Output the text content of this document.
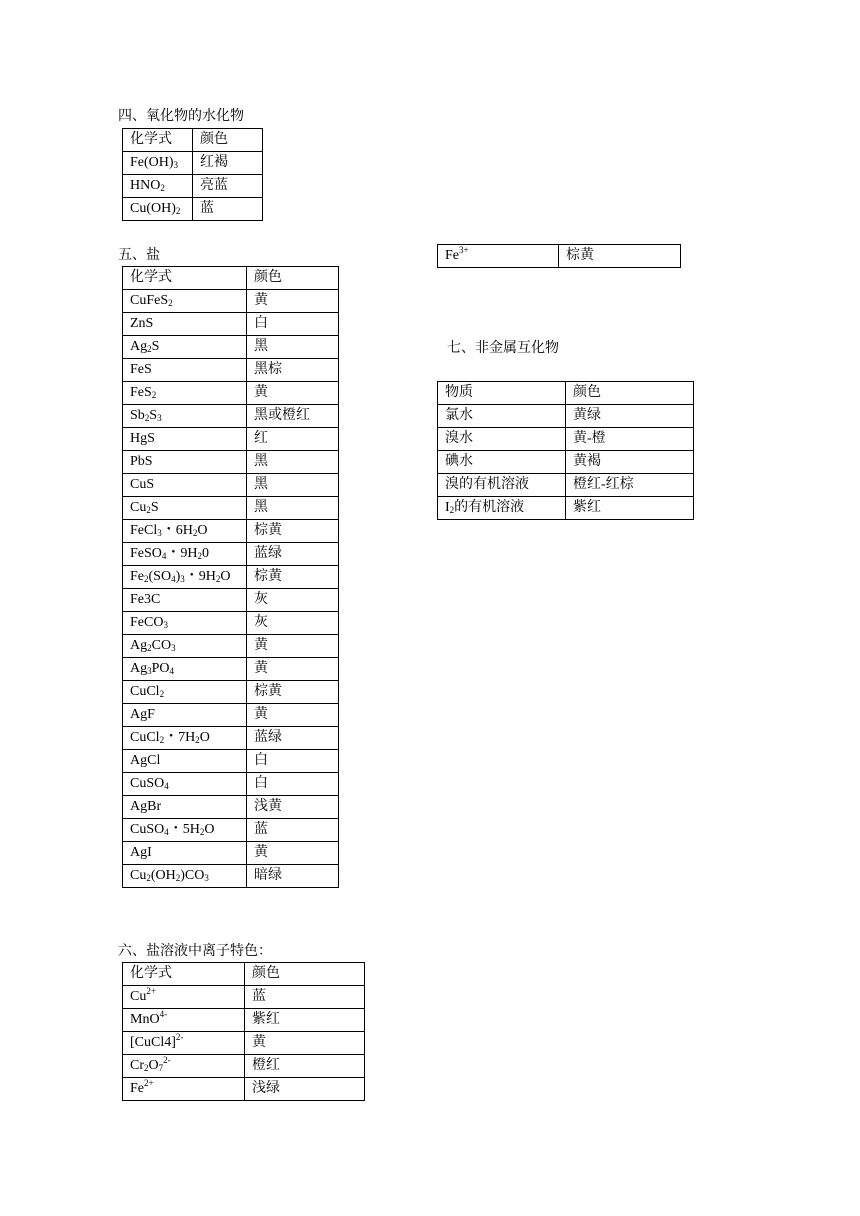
四、氧化物的水化物
化学式	颜色
$Fe(OH)_3$	红褐
$HNO_2$	亮蓝
$Cu(OH)_2$	蓝
五、盐
化学式	颜色
CuFeS$_2$	黄
ZnS	白
$Ag_2S$	黑
FeS	黑棕
FeS$_2$	黄
$Sb_2S_3$	黑或橙红
HgS	红
PbS	黑
CuS	黑
$Cu_2S$	黑
FeCl$_3$・$6H_2O$	棕黄
FeSO$_4$・$9H_20$	蓝绿
$Fe_2(SO_4)_3$・$9H_2O$	棕黄
Fe3C	灰
FeCO$_3$	灰
$Ag_2CO_3$	黄
$Ag_3PO_4$	黄
CuCl$_2$	棕黄
AgF	黄
CuCl$_2$・$7H_2O$	蓝绿
AgCl	白
CuSO$_4$	白
AgBr	浅黄
CuSO$_4$・$5H_2O$	蓝
AgI	黄
$Cu_2(OH_2)CO_3$	暗绿
六、盐溶液中离子特色：
化学式	颜色
$Cu^{2+}$	蓝
MnO$^{4-}$	紫红
[CuCl4]$^{2-}$	黄
$Cr_2O_7^{2-}$	橙红
$Fe^{2+}$	浅绿
$Fe^{3+}$	棕黄
七、非金属互化物
物质	颜色
氯水	黄绿
溴水	黄-橙
碘水	黄褐
溴的有机溶液	橙红-红棕
$I_2$的有机溶液	紫红
